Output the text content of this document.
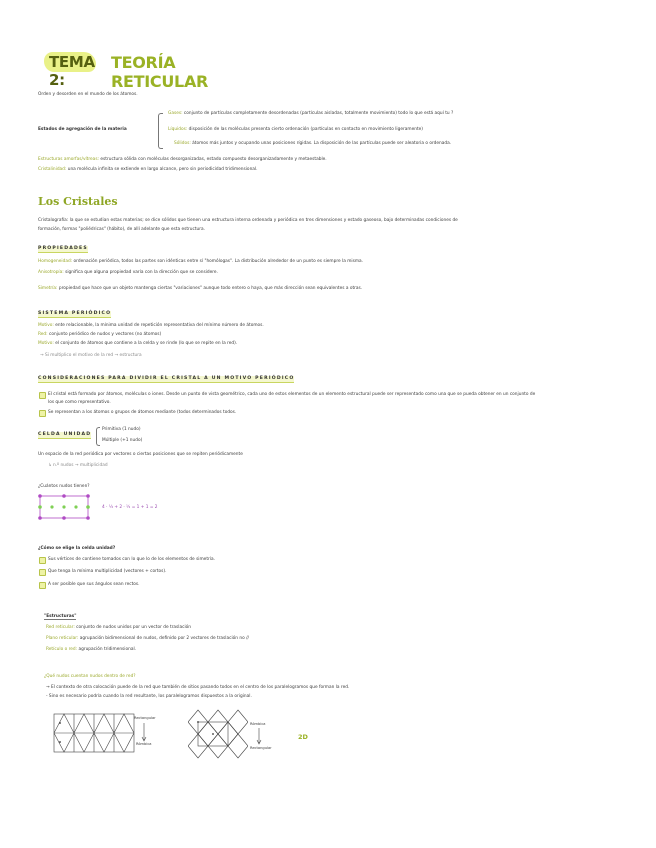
TEMA 2:
TEORÍA RETICULAR
Orden y desorden en el mundo de los átomos.
Estados de agregación de la materia
Gases: conjunto de partículas completamente desordenadas (partículas aisladas, totalmente movimiento) todo lo que está aquí tu ?
Líquidos: disposición de las moléculas presenta cierto ordenación (partículas en contacto en movimiento ligeramente)
Sólidos: átomos más juntos y ocupando unas posiciones rígidas. La disposición de las partículas puede ser aleatoria o ordenada.
Estructuras amorfas/vítreas: estructura sólida con moléculas desorganizadas, estado compuesto desorganizadamente y metaestable.
Cristalinidad: una molécula infinita se extiende en largo alcance, pero sin periodicidad tridimensional.
Los Cristales
Cristalografía: la que se estudian estas materias; se dice sólidos que tienen una estructura interna ordenada y periódica en tres dimensiones y estado gaseoso, bajo determinadas condiciones de
formación, formas "poliédricas" (hábito), de allí adelante que esta estructura.
PROPIEDADES
Homogeneidad: ordenación periódica, todos las partes son idénticas entre sí "homólogas". La distribución alrededor de un punto es siempre la misma.
Anisotropía: significa que alguna propiedad varía con la dirección que se considere.
Simetría: propiedad que hace que un objeto mantenga ciertas "variaciones" aunque todo entero o haya, que más dirección sean equivalentes a otras.
SISTEMA PERIÓDICO
Motivo: ente relacionable, la mínima unidad de repetición representativa del mínimo número de átomos.
Red: conjunto periódico de nudos y vectores (no átomos)
Motivo: el conjunto de átomos que contiene a la celda y se rinde (lo que se repite en la red).
→ Si multiplico el motivo de la red → estructura
CONSIDERACIONES PARA DIVIDIR EL CRISTAL A UN MOTIVO PERIÓDICO
El cristal está formado por átomos, moléculas o iones. Desde un punto de vista geométrico, cada uno de estos elementos de un elemento estructural puede ser representado como una que se pueda obtener en un conjunto de
los que como representativo.
Se representan a los átomos o grupos de átomos mediante (todos determinados todos.
CELDA UNIDAD
Primitiva (1 nudo)
Múltiple (+1 nudo)
Un espacio de la red periódica por vectores o ciertas posiciones que se repiten periódicamente
↳ n.º nudos → multiplicidad
¿Cuántos nudos tienen?
4 · ¼ + 2 · ½ = 1 + 1 = 2
¿Cómo se elige la celda unidad?
Sus vértices de contiene tomados con lo que lo de los elementos de simetría.
Que tenga la mínima multiplicidad (vectores + cortos).
A ser posible que sus ángulos sean rectos.
"Estructuras"
Red reticular: conjunto de nudos unidos por un vector de traslación
Plano reticular: agrupación bidimensional de nudos, definido por 2 vectores de traslación no //
Retículo o red: agrupación tridimensional.
¿Qué nudos cuentan nudos dentro de red?
→ El contexto de otra colocación puede de la red que también de sitios pasando todos en el centro de los paralelogramos que forman la red.
- Sino es necesario podría cuando la red resultante, los paralelogramos dispuestos a la original.
Rectangular
Rómbica
Rómbica
Rectangular
2D
